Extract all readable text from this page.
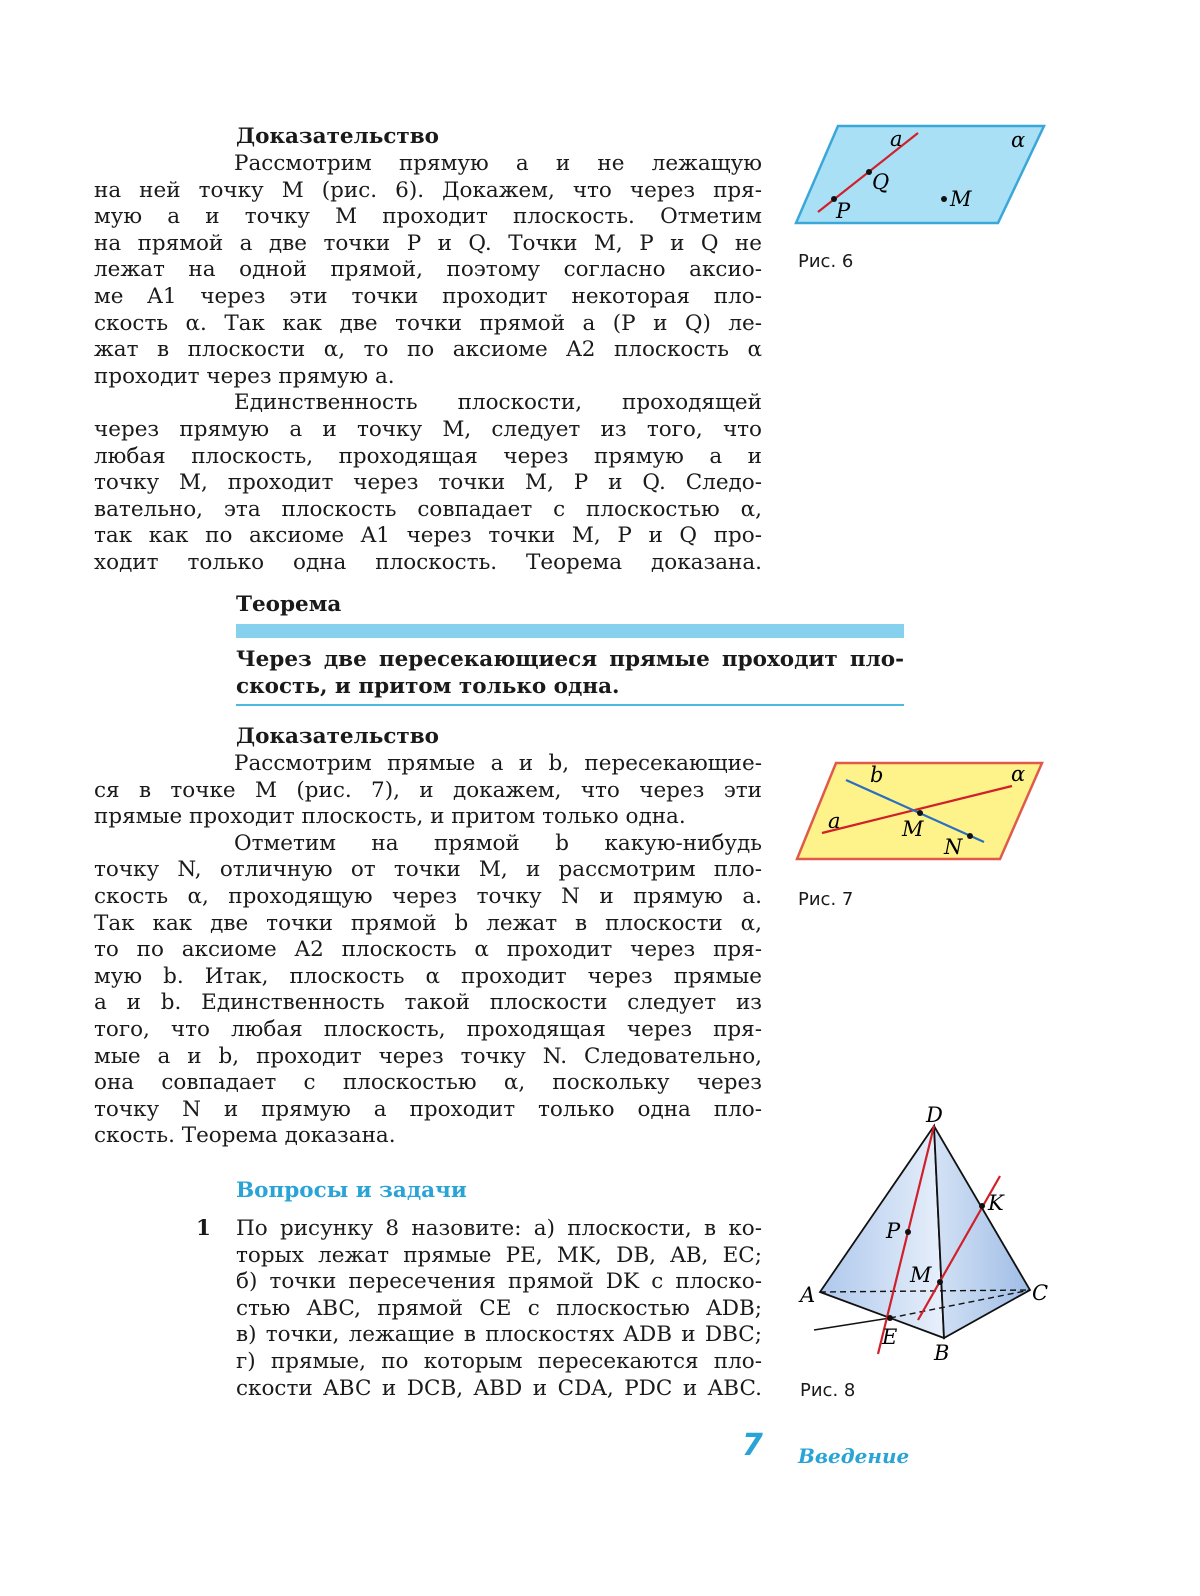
Доказательство

Рассмотрим прямую a и не лежащую

на ней точку M (рис. 6). Докажем, что через пря-

мую a и точку M проходит плоскость. Отметим

на прямой a две точки P и Q. Точки M, P и Q не

лежат на одной прямой, поэтому согласно аксио-

ме A1 через эти точки проходит некоторая пло-

скость α. Так как две точки прямой a (P и Q) ле-

жат в плоскости α, то по аксиоме A2 плоскость α

проходит через прямую a.

Единственность плоскости, проходящей

через прямую a и точку M, следует из того, что

любая плоскость, проходящая через прямую a и

точку M, проходит через точки M, P и Q. Следо-

вательно, эта плоскость совпадает с плоскостью α,

так как по аксиоме A1 через точки M, P и Q про-

ходит только одна плоскость. Теорема доказана.

Теорема

Через две пересекающиеся прямые проходит пло-

скость, и притом только одна.

Доказательство

Рассмотрим прямые a и b, пересекающие-

ся в точке M (рис. 7), и докажем, что через эти

прямые проходит плоскость, и притом только одна.

Отметим на прямой b какую-нибудь

точку N, отличную от точки M, и рассмотрим пло-

скость α, проходящую через точку N и прямую a.

Так как две точки прямой b лежат в плоскости α,

то по аксиоме A2 плоскость α проходит через пря-

мую b. Итак, плоскость α проходит через прямые

a и b. Единственность такой плоскости следует из

того, что любая плоскость, проходящая через пря-

мые a и b, проходит через точку N. Следовательно,

она совпадает с плоскостью α, поскольку через

точку N и прямую a проходит только одна пло-

скость. Теорема доказана.

Вопросы и задачи

1 По рисунку 8 назовите: а) плоскости, в ко-

торых лежат прямые PE, MK, DB, AB, EC;

б) точки пересечения прямой DK с плоско-

стью ABC, прямой CE с плоскостью ADB;

в) точки, лежащие в плоскостях ADB и DBC;

г) прямые, по которым пересекаются пло-

скости ABC и DCB, ABD и CDA, PDC и ABC.

a	α
Q
P	M

Рис. 6

b	α
a	M
N

Рис. 7

D
K
P
M
A	C
E
B

Рис. 8

7 Введение
